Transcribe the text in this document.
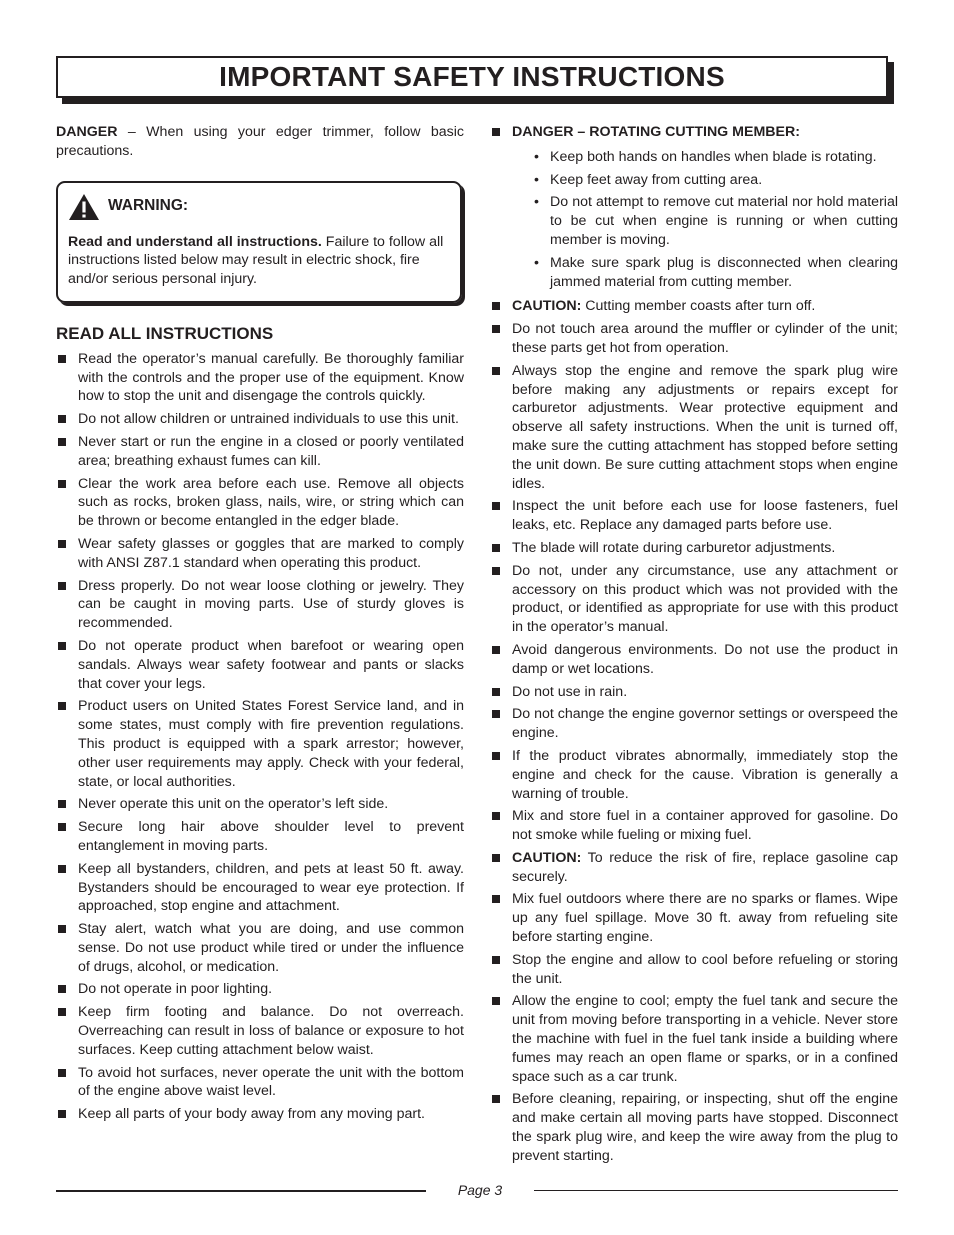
IMPORTANT SAFETY INSTRUCTIONS

DANGER – When using your edger trimmer, follow basic precautions.

WARNING:

Read and understand all instructions. Failure to follow all instructions listed below may result in electric shock, fire and/or serious personal injury.

READ ALL INSTRUCTIONS
Read the operator’s manual carefully. Be thoroughly familiar with the controls and the proper use of the equipment. Know how to stop the unit and disengage the controls quickly.
Do not allow children or untrained individuals to use this unit.
Never start or run the engine in a closed or poorly ventilated area; breathing exhaust fumes can kill.
Clear the work area before each use. Remove all objects such as rocks, broken glass, nails, wire, or string which can be thrown or become entangled in the edger blade.
Wear safety glasses or goggles that are marked to comply with ANSI Z87.1 standard when operating this product.
Dress properly. Do not wear loose clothing or jewelry. They can be caught in moving parts. Use of sturdy gloves is recommended.
Do not operate product when barefoot or wearing open sandals. Always wear safety footwear and pants or slacks that cover your legs.
Product users on United States Forest Service land, and in some states, must comply with fire prevention regulations. This product is equipped with a spark arrestor; however, other user requirements may apply. Check with your federal, state, or local authorities.
Never operate this unit on the operator’s left side.
Secure long hair above shoulder level to prevent entanglement in moving parts.
Keep all bystanders, children, and pets at least 50 ft. away. Bystanders should be encouraged to wear eye protection. If approached, stop engine and attachment.
Stay alert, watch what you are doing, and use common sense. Do not use product while tired or under the influence of drugs, alcohol, or medication.
Do not operate in poor lighting.
Keep firm footing and balance. Do not overreach. Overreaching can result in loss of balance or exposure to hot surfaces. Keep cutting attachment below waist.
To avoid hot surfaces, never operate the unit with the bottom of the engine above waist level.
Keep all parts of your body away from any moving part.
DANGER – ROTATING CUTTING MEMBER:
• Keep both hands on handles when blade is rotating.
• Keep feet away from cutting area.
• Do not attempt to remove cut material nor hold material to be cut when engine is running or when cutting member is moving.
• Make sure spark plug is disconnected when clearing jammed material from cutting member.
CAUTION: Cutting member coasts after turn off.
Do not touch area around the muffler or cylinder of the unit; these parts get hot from operation.
Always stop the engine and remove the spark plug wire before making any adjustments or repairs except for carburetor adjustments. Wear protective equipment and observe all safety instructions. When the unit is turned off, make sure the cutting attachment has stopped before setting the unit down. Be sure cutting attachment stops when engine idles.
Inspect the unit before each use for loose fasteners, fuel leaks, etc. Replace any damaged parts before use.
The blade will rotate during carburetor adjustments.
Do not, under any circumstance, use any attachment or accessory on this product which was not provided with the product, or identified as appropriate for use with this product in the operator’s manual.
Avoid dangerous environments. Do not use the product in damp or wet locations.
Do not use in rain.
Do not change the engine governor settings or overspeed the engine.
If the product vibrates abnormally, immediately stop the engine and check for the cause. Vibration is generally a warning of trouble.
Mix and store fuel in a container approved for gasoline. Do not smoke while fueling or mixing fuel.
CAUTION: To reduce the risk of fire, replace gasoline cap securely.
Mix fuel outdoors where there are no sparks or flames. Wipe up any fuel spillage. Move 30 ft. away from refueling site before starting engine.
Stop the engine and allow to cool before refueling or storing the unit.
Allow the engine to cool; empty the fuel tank and secure the unit from moving before transporting in a vehicle. Never store the machine with fuel in the fuel tank inside a building where fumes may reach an open flame or sparks, or in a confined space such as a car trunk.
Before cleaning, repairing, or inspecting, shut off the engine and make certain all moving parts have stopped. Disconnect the spark plug wire, and keep the wire away from the plug to prevent starting.
Page 3
